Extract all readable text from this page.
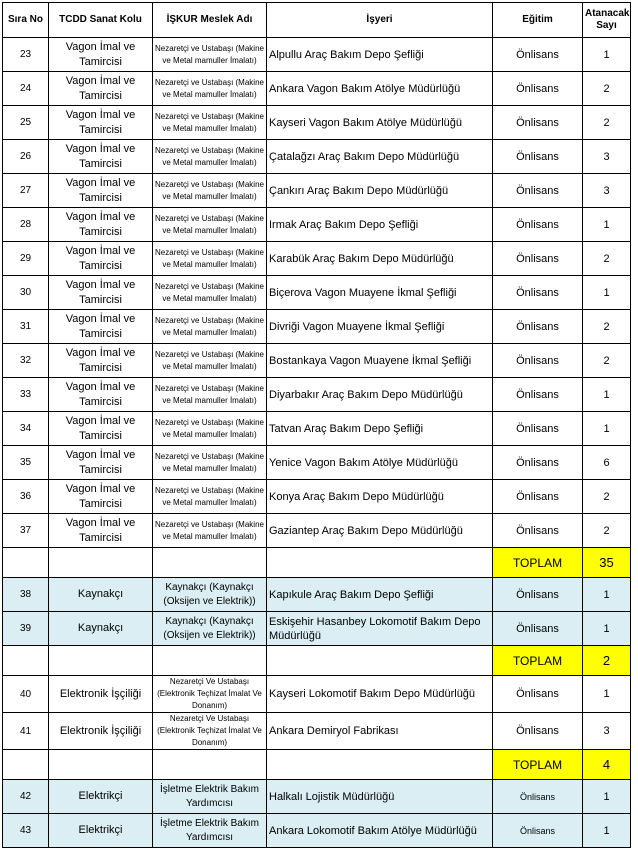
Sıra No	TCDD Sanat Kolu	İŞKUR Meslek Adı	İşyeri	Eğitim	Atanacak Sayı
23	Vagon İmal ve Tamircisi	Nezaretçi ve Ustabaşı (Makine ve Metal mamuller İmalatı)	Alpullu Araç Bakım Depo Şefliği	Önlisans	1
24	Vagon İmal ve Tamircisi	Nezaretçi ve Ustabaşı (Makine ve Metal mamuller İmalatı)	Ankara Vagon Bakım Atölye Müdürlüğü	Önlisans	2
25	Vagon İmal ve Tamircisi	Nezaretçi ve Ustabaşı (Makine ve Metal mamuller İmalatı)	Kayseri Vagon Bakım Atölye Müdürlüğü	Önlisans	2
26	Vagon İmal ve Tamircisi	Nezaretçi ve Ustabaşı (Makine ve Metal mamuller İmalatı)	Çatalağzı Araç Bakım Depo Müdürlüğü	Önlisans	3
27	Vagon İmal ve Tamircisi	Nezaretçi ve Ustabaşı (Makine ve Metal mamuller İmalatı)	Çankırı Araç Bakım Depo Müdürlüğü	Önlisans	3
28	Vagon İmal ve Tamircisi	Nezaretçi ve Ustabaşı (Makine ve Metal mamuller İmalatı)	Irmak Araç Bakım Depo Şefliği	Önlisans	1
29	Vagon İmal ve Tamircisi	Nezaretçi ve Ustabaşı (Makine ve Metal mamuller İmalatı)	Karabük Araç Bakım Depo Müdürlüğü	Önlisans	2
30	Vagon İmal ve Tamircisi	Nezaretçi ve Ustabaşı (Makine ve Metal mamuller İmalatı)	Biçerova Vagon Muayene İkmal Şefliği	Önlisans	1
31	Vagon İmal ve Tamircisi	Nezaretçi ve Ustabaşı (Makine ve Metal mamuller İmalatı)	Divriği Vagon Muayene İkmal Şefliği	Önlisans	2
32	Vagon İmal ve Tamircisi	Nezaretçi ve Ustabaşı (Makine ve Metal mamuller İmalatı)	Bostankaya Vagon Muayene İkmal Şefliği	Önlisans	2
33	Vagon İmal ve Tamircisi	Nezaretçi ve Ustabaşı (Makine ve Metal mamuller İmalatı)	Diyarbakır Araç Bakım Depo Müdürlüğü	Önlisans	1
34	Vagon İmal ve Tamircisi	Nezaretçi ve Ustabaşı (Makine ve Metal mamuller İmalatı)	Tatvan Araç Bakım Depo Şefliği	Önlisans	1
35	Vagon İmal ve Tamircisi	Nezaretçi ve Ustabaşı (Makine ve Metal mamuller İmalatı)	Yenice Vagon Bakım Atölye Müdürlüğü	Önlisans	6
36	Vagon İmal ve Tamircisi	Nezaretçi ve Ustabaşı (Makine ve Metal mamuller İmalatı)	Konya Araç Bakım Depo Müdürlüğü	Önlisans	2
37	Vagon İmal ve Tamircisi	Nezaretçi ve Ustabaşı (Makine ve Metal mamuller İmalatı)	Gaziantep Araç Bakım Depo Müdürlüğü	Önlisans	2
				TOPLAM	35
38	Kaynakçı	Kaynakçı (Kaynakçı (Oksijen ve Elektrik))	Kapıkule Araç Bakım Depo Şefliği	Önlisans	1
39	Kaynakçı	Kaynakçı (Kaynakçı (Oksijen ve Elektrik))	Eskişehir Hasanbey Lokomotif Bakım Depo Müdürlüğü	Önlisans	1
				TOPLAM	2
40	Elektronik İşçiliği	Nezaretçi Ve Ustabaşı (Elektronik Teçhizat İmalat Ve Donanım)	Kayseri Lokomotif Bakım Depo Müdürlüğü	Önlisans	1
41	Elektronik İşçiliği	Nezaretçi Ve Ustabaşı (Elektronik Teçhizat İmalat Ve Donanım)	Ankara Demiryol Fabrikası	Önlisans	3
				TOPLAM	4
42	Elektrikçi	İşletme Elektrik Bakım Yardımcısı	Halkalı Lojistik Müdürlüğü	Önlisans	1
43	Elektrikçi	İşletme Elektrik Bakım Yardımcısı	Ankara Lokomotif Bakım Atölye Müdürlüğü	Önlisans	1
